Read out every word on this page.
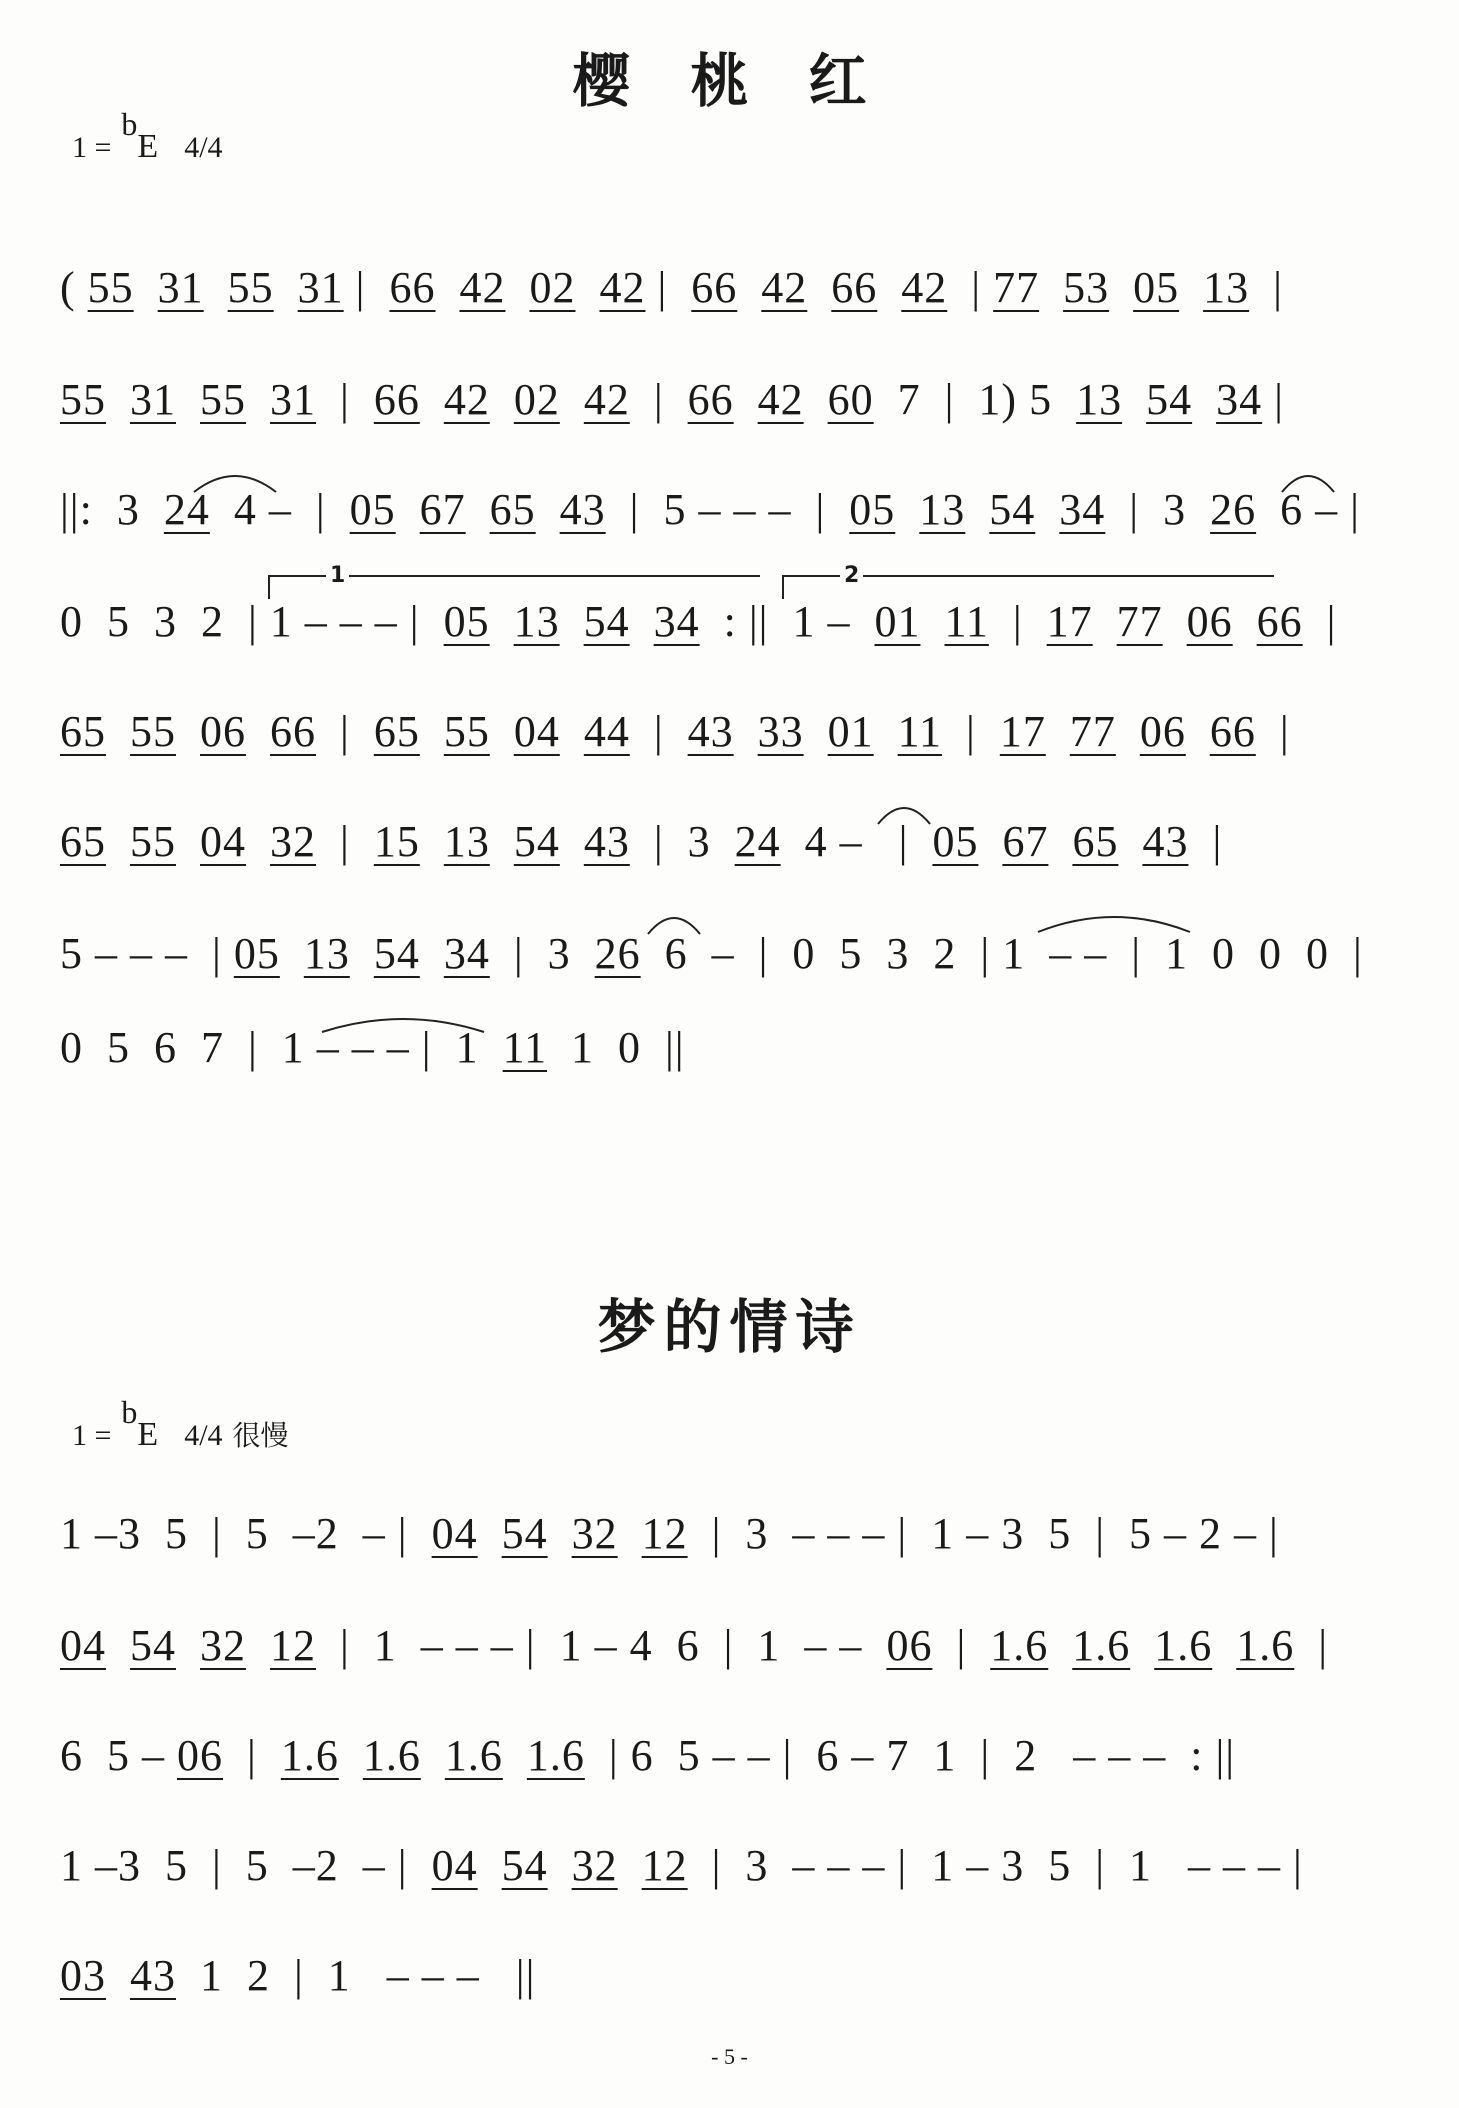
樱 桃 红
1 =bE 4/4
( 55 31 55 31 |  66 42 02 42 |  66 42 66 42  | 77 53 05 13  |
55 31 55 31  |  66 42 02 42  |  66 42 60  7  |  1) 5  13 54 34 |
||:  3  24  4 –  |  05 67 65 43  |  5 – – –  |  05 13 54 34  |  3  26  6 – |
1	2
0  5  3  2  | 1 – – – |  05 13 54 34  : ||  1 –  01 11  |  17 77 06 66  |
65 55 06 66  |  65 55 04 44  |  43 33 01 11  |  17 77 06 66  |
65 55 04 32  |  15 13 54 43  |  3  24  4 –   |  05 67 65 43  |
5 – – –  | 05 13 54 34  |  3  26  6  –  |  0  5  3  2  | 1  – –  |  1  0  0  0  |
0  5  6  7  |  1 – – – |  1  11  1  0  ||
梦的情诗
1 =bE 4/4 很慢
1 –3  5  |  5  –2  – |  04 54 32 12  |  3  – – – |  1 – 3  5  |  5 – 2 – |
04 54 32 12  |  1  – – – |  1 – 4  6  |  1  – –  06  |  1.6 1.6 1.6 1.6  |
6  5 – 06  |  1.6 1.6 1.6 1.6  | 6  5 – – |  6 – 7  1  |  2   – – –  : ||
1 –3  5  |  5  –2  – |  04 54 32 12  |  3  – – – |  1 – 3  5  |  1   – – – |
03 43  1  2  |  1   – – –   ||
- 5 -
